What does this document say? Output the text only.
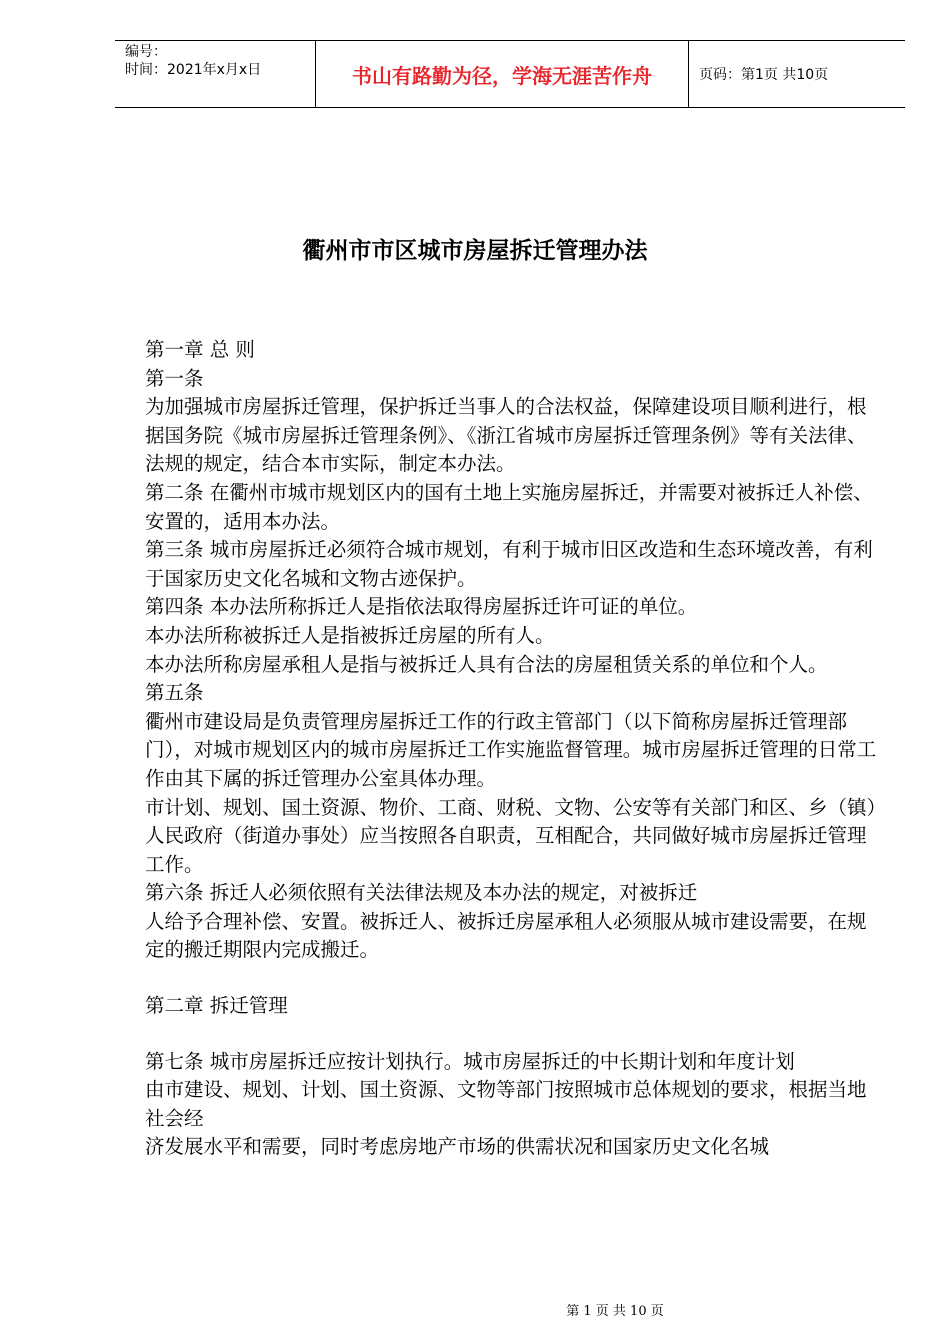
编号：
时间：2021年x月x日	书山有路勤为径，学海无涯苦作舟	页码：第1页 共10页
衢州市市区城市房屋拆迁管理办法

第一章 总 则

第一条

为加强城市房屋拆迁管理，保护拆迁当事人的合法权益，保障建设项目顺利进行，根据国务院《城市房屋拆迁管理条例》、《浙江省城市房屋拆迁管理条例》等有关法律、法规的规定，结合本市实际，制定本办法。

第二条 在衢州市城市规划区内的国有土地上实施房屋拆迁，并需要对被拆迁人补偿、安置的，适用本办法。

第三条 城市房屋拆迁必须符合城市规划，有利于城市旧区改造和生态环境改善，有利于国家历史文化名城和文物古迹保护。

第四条 本办法所称拆迁人是指依法取得房屋拆迁许可证的单位。

本办法所称被拆迁人是指被拆迁房屋的所有人。

本办法所称房屋承租人是指与被拆迁人具有合法的房屋租赁关系的单位和个人。

第五条

衢州市建设局是负责管理房屋拆迁工作的行政主管部门（以下简称房屋拆迁管理部门），对城市规划区内的城市房屋拆迁工作实施监督管理。城市房屋拆迁管理的日常工作由其下属的拆迁管理办公室具体办理。

市计划、规划、国土资源、物价、工商、财税、文物、公安等有关部门和区、乡（镇）人民政府（街道办事处）应当按照各自职责，互相配合，共同做好城市房屋拆迁管理工作。

第六条 拆迁人必须依照有关法律法规及本办法的规定，对被拆迁

人给予合理补偿、安置。被拆迁人、被拆迁房屋承租人必须服从城市建设需要，在规定的搬迁期限内完成搬迁。

第二章 拆迁管理

第七条 城市房屋拆迁应按计划执行。城市房屋拆迁的中长期计划和年度计划

由市建设、规划、计划、国土资源、文物等部门按照城市总体规划的要求，根据当地社会经

济发展水平和需要，同时考虑房地产市场的供需状况和国家历史文化名城

第 1 页 共 10 页
